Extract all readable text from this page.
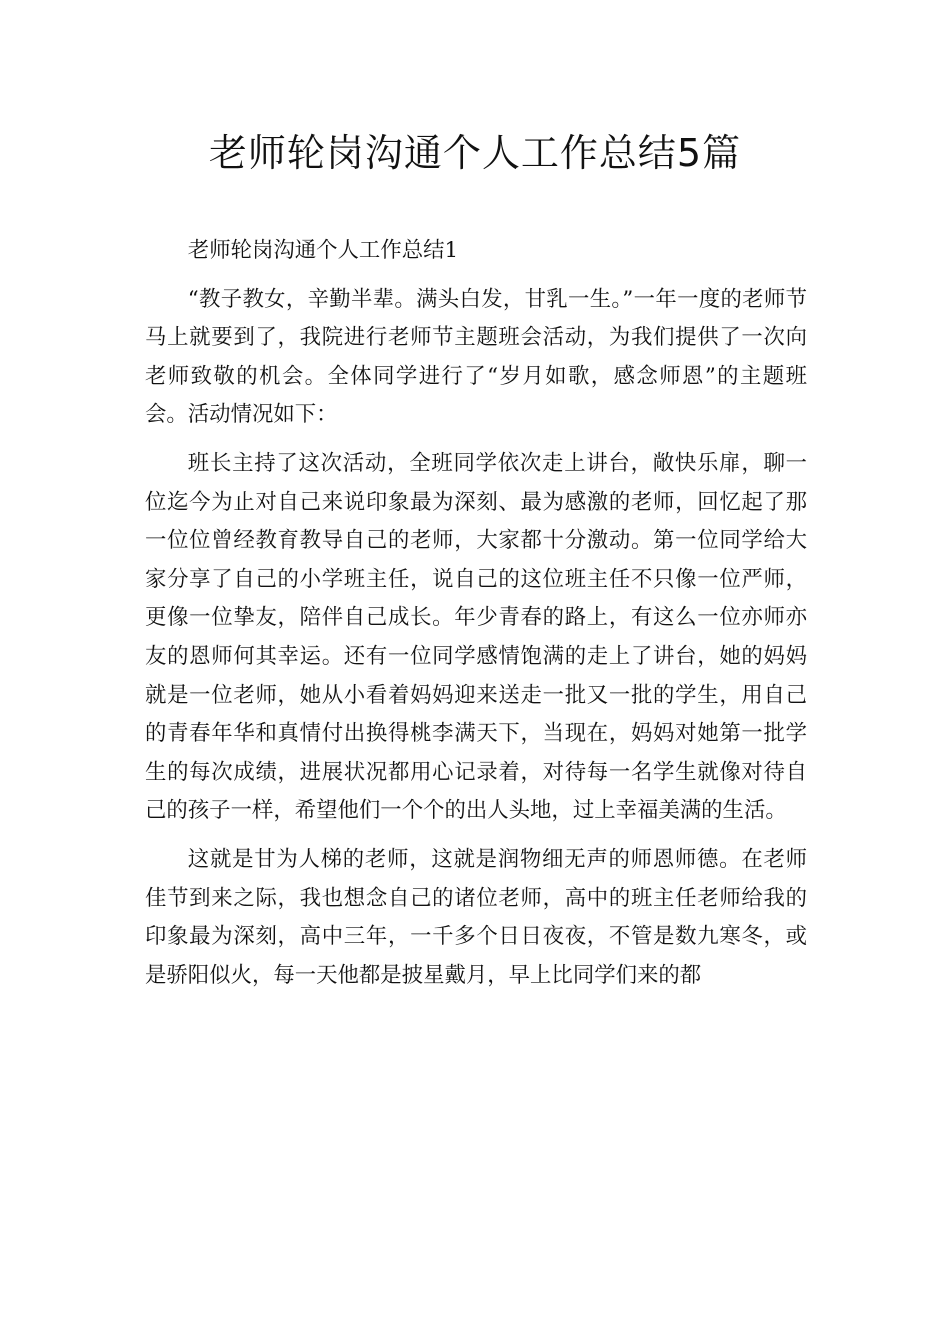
老师轮岗沟通个人工作总结5篇

老师轮岗沟通个人工作总结1

“教子教女，辛勤半辈。满头白发，甘乳一生。”一年一度的老师节马上就要到了，我院进行老师节主题班会活动，为我们提供了一次向老师致敬的机会。全体同学进行了“岁月如歌，感念师恩”的主题班会。活动情况如下：

班长主持了这次活动，全班同学依次走上讲台，敞快乐扉，聊一位迄今为止对自己来说印象最为深刻、最为感激的老师，回忆起了那一位位曾经教育教导自己的老师，大家都十分激动。第一位同学给大家分享了自己的小学班主任，说自己的这位班主任不只像一位严师，更像一位挚友，陪伴自己成长。年少青春的路上，有这么一位亦师亦友的恩师何其幸运。还有一位同学感情饱满的走上了讲台，她的妈妈就是一位老师，她从小看着妈妈迎来送走一批又一批的学生，用自己的青春年华和真情付出换得桃李满天下，当现在，妈妈对她第一批学生的每次成绩，进展状况都用心记录着，对待每一名学生就像对待自己的孩子一样，希望他们一个个的出人头地，过上幸福美满的生活。

这就是甘为人梯的老师，这就是润物细无声的师恩师德。在老师佳节到来之际，我也想念自己的诸位老师，高中的班主任老师给我的印象最为深刻，高中三年，一千多个日日夜夜，不管是数九寒冬，或是骄阳似火，每一天他都是披星戴月，早上比同学们来的都
